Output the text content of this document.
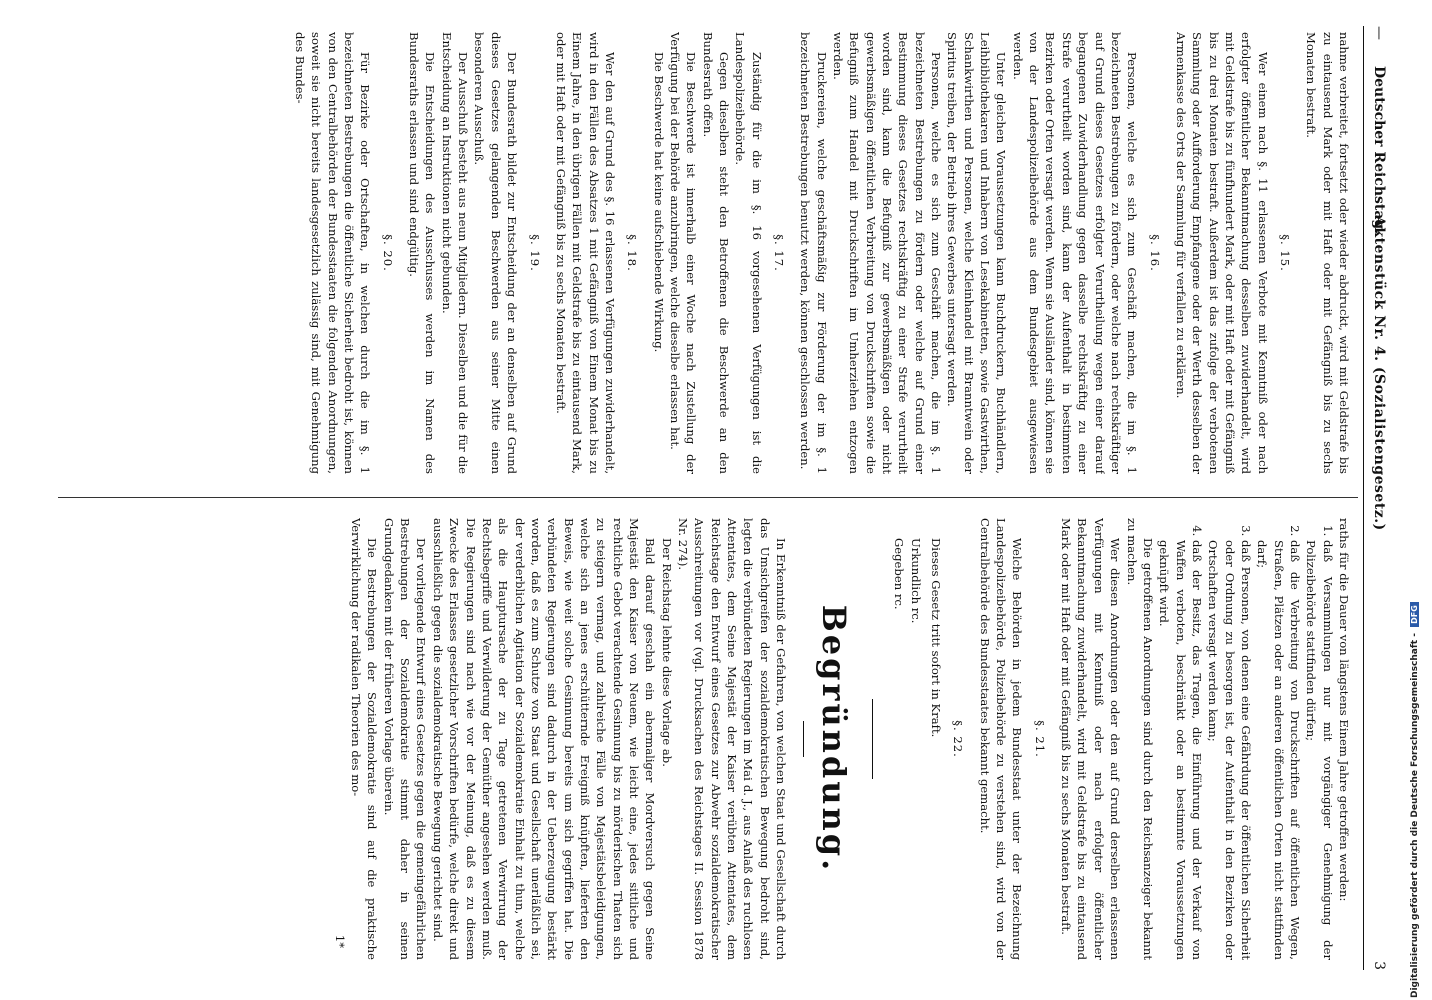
—
Deutscher Reichstag.
Aktenstück Nr. 4. (Sozialistengesetz.)
3

nahme verbreitet, fortsetzt oder wieder abdruckt, wird mit Geldstrafe bis zu eintausend Mark oder mit Haft oder mit Gefängniß bis zu sechs Monaten bestraft.

§. 15.

Wer einem nach §. 11 erlassenen Verbote mit Kenntniß oder nach erfolgter öffentlicher Bekanntmachung desselben zuwiderhandelt, wird mit Geldstrafe bis zu fünfhundert Mark, oder mit Haft oder mit Gefängniß bis zu drei Monaten bestraft. Außerdem ist das zufolge der verbotenen Sammlung oder Aufforderung Empfangene oder der Werth desselben der Armenkasse des Orts der Sammlung für verfallen zu erklären.

§. 16.

Personen, welche es sich zum Geschäft machen, die im §. 1 bezeichneten Bestrebungen zu fördern, oder welche nach rechtskräftiger auf Grund dieses Gesetzes erfolgter Verurtheilung wegen einer darauf begangenen Zuwiderhandlung gegen dasselbe rechtskräftig zu einer Strafe verurtheilt worden sind, kann der Aufenthalt in bestimmten Bezirken oder Orten versagt werden. Wenn sie Ausländer sind, können sie von der Landespolizeibehörde aus dem Bundesgebiet ausgewiesen werden.

Unter gleichen Voraussetzungen kann Buchdruckern, Buchhändlern, Leihbibliothekaren und Inhabern von Lesekabinetten, sowie Gastwirthen, Schankwirthen und Personen, welche Kleinhandel mit Branntwein oder Spiritus treiben, der Betrieb ihres Gewerbes untersagt werden.

Personen, welche es sich zum Geschäft machen, die im §. 1 bezeichneten Bestrebungen zu fördern oder welche auf Grund einer Bestimmung dieses Gesetzes rechtskräftig zu einer Strafe verurtheilt worden sind, kann die Befugniß zur gewerbsmäßigen oder nicht gewerbsmäßigen öffentlichen Verbreitung von Druckschriften sowie die Befugniß zum Handel mit Druckschriften im Umherziehen entzogen werden.

Druckereien, welche geschäftsmäßig zur Förderung der im §. 1 bezeichneten Bestrebungen benutzt werden, können geschlossen werden.

§. 17.

Zuständig für die im §. 16 vorgesehenen Verfügungen ist die Landespolizeibehörde.

Gegen dieselben steht den Betroffenen die Beschwerde an den Bundesrath offen.

Die Beschwerde ist innerhalb einer Woche nach Zustellung der Verfügung bei der Behörde anzubringen, welche dieselbe erlassen hat.

Die Beschwerde hat keine aufschiebende Wirkung.

§. 18.

Wer den auf Grund des §. 16 erlassenen Verfügungen zuwiderhandelt, wird in den Fällen des Absatzes 1 mit Gefängniß von Einem Monat bis zu Einem Jahre, in den übrigen Fällen mit Geldstrafe bis zu eintausend Mark, oder mit Haft oder mit Gefängniß bis zu sechs Monaten bestraft.

§. 19.

Der Bundesrath bildet zur Entscheidung der an denselben auf Grund dieses Gesetzes gelangenden Beschwerden aus seiner Mitte einen besonderen Ausschuß.

Der Ausschuß besteht aus neun Mitgliedern. Dieselben und die für die Entscheidung an Instruktionen nicht gebunden.

Die Entscheidungen des Ausschusses werden im Namen des Bundesraths erlassen und sind endgültig.

§. 20.

Für Bezirke oder Ortschaften, in welchen durch die im §. 1 bezeichneten Bestrebungen die öffentliche Sicherheit bedroht ist, können von den Centralbehörden der Bundesstaaten die folgenden Anordnungen, soweit sie nicht bereits landesgesetzlich zulässig sind, mit Genehmigung des Bundes-

raths für die Dauer von längstens Einem Jahre getroffen werden:

1. daß Versammlungen nur mit vorgängiger Genehmigung der Polizeibehörde stattfinden dürfen;
2. daß die Verbreitung von Druckschriften auf öffentlichen Wegen, Straßen, Plätzen oder an anderen öffentlichen Orten nicht stattfinden darf;
3. daß Personen, von denen eine Gefährdung der öffentlichen Sicherheit oder Ordnung zu besorgen ist, der Aufenthalt in den Bezirken oder Ortschaften versagt werden kann;
4. daß der Besitz, das Tragen, die Einführung und der Verkauf von Waffen verboten, beschränkt oder an bestimmte Voraussetzungen geknüpft wird.

Die getroffenen Anordnungen sind durch den Reichsanzeiger bekannt zu machen.

Wer diesen Anordnungen oder den auf Grund derselben erlassenen Verfügungen mit Kenntniß oder nach erfolgter öffentlicher Bekanntmachung zuwiderhandelt, wird mit Geldstrafe bis zu eintausend Mark oder mit Haft oder mit Gefängniß bis zu sechs Monaten bestraft.

§. 21.

Welche Behörden in jedem Bundesstaat unter der Bezeichnung Landespolizeibehörde, Polizeibehörde zu verstehen sind, wird von der Centralbehörde des Bundesstaates bekannt gemacht.

§. 22.

Dieses Gesetz tritt sofort in Kraft.

Urkundlich rc.

Gegeben rc.

Begründung.

In Erkenntniß der Gefahren, von welchen Staat und Gesellschaft durch das Umsichgreifen der sozialdemokratischen Bewegung bedroht sind, legten die verbündeten Regierungen im Mai d. J., aus Anlaß des ruchlosen Attentates, dem Seine Majestät der Kaiser verübten Attentates, dem Reichstage den Entwurf eines Gesetzes zur Abwehr sozialdemokratischer Ausschreitungen vor (vgl. Drucksachen des Reichstages II. Session 1878 Nr. 274).

Der Reichstag lehnte diese Vorlage ab.

Bald darauf geschah ein abermaliger Mordversuch gegen Seine Majestät den Kaiser von Neuem, wie leicht eine, jedes sittliche und rechtliche Gebot verachtende Gesinnung bis zu mörderischen Thaten sich zu steigern vermag, und zahlreiche Fälle von Majestätsbeleidigungen, welche sich an jenes erschütternde Ereigniß knüpften, lieferten den Beweis, wie weit solche Gesinnung bereits um sich gegriffen hat. Die verbündeten Regierungen sind dadurch in der Ueberzeugung bestärkt worden, daß es zum Schutze von Staat und Gesellschaft unerläßlich sei, der verderblichen Agitation der Sozialdemokratie Einhalt zu thun, welche als die Hauptursache der zu Tage getretenen Verwirrung der Rechtsbegriffe und Verwilderung der Gemüther angesehen werden muß. Die Regierungen sind nach wie vor der Meinung, daß es zu diesem Zwecke des Erlasses gesetzlicher Vorschriften bedürfe, welche direkt und ausschließlich gegen die sozialdemokratische Bewegung gerichtet sind.

Der vorliegende Entwurf eines Gesetzes gegen die gemeingefährlichen Bestrebungen der Sozialdemokratie stimmt daher in seinen Grundgedanken mit der früheren Vorlage überein.

Die Bestrebungen der Sozialdemokratie sind auf die praktische Verwirklichung der radikalen Theorien des mo-

1*	Digitalisierung gefördert durch die Deutsche Forschungsgemeinschaft - DFG
